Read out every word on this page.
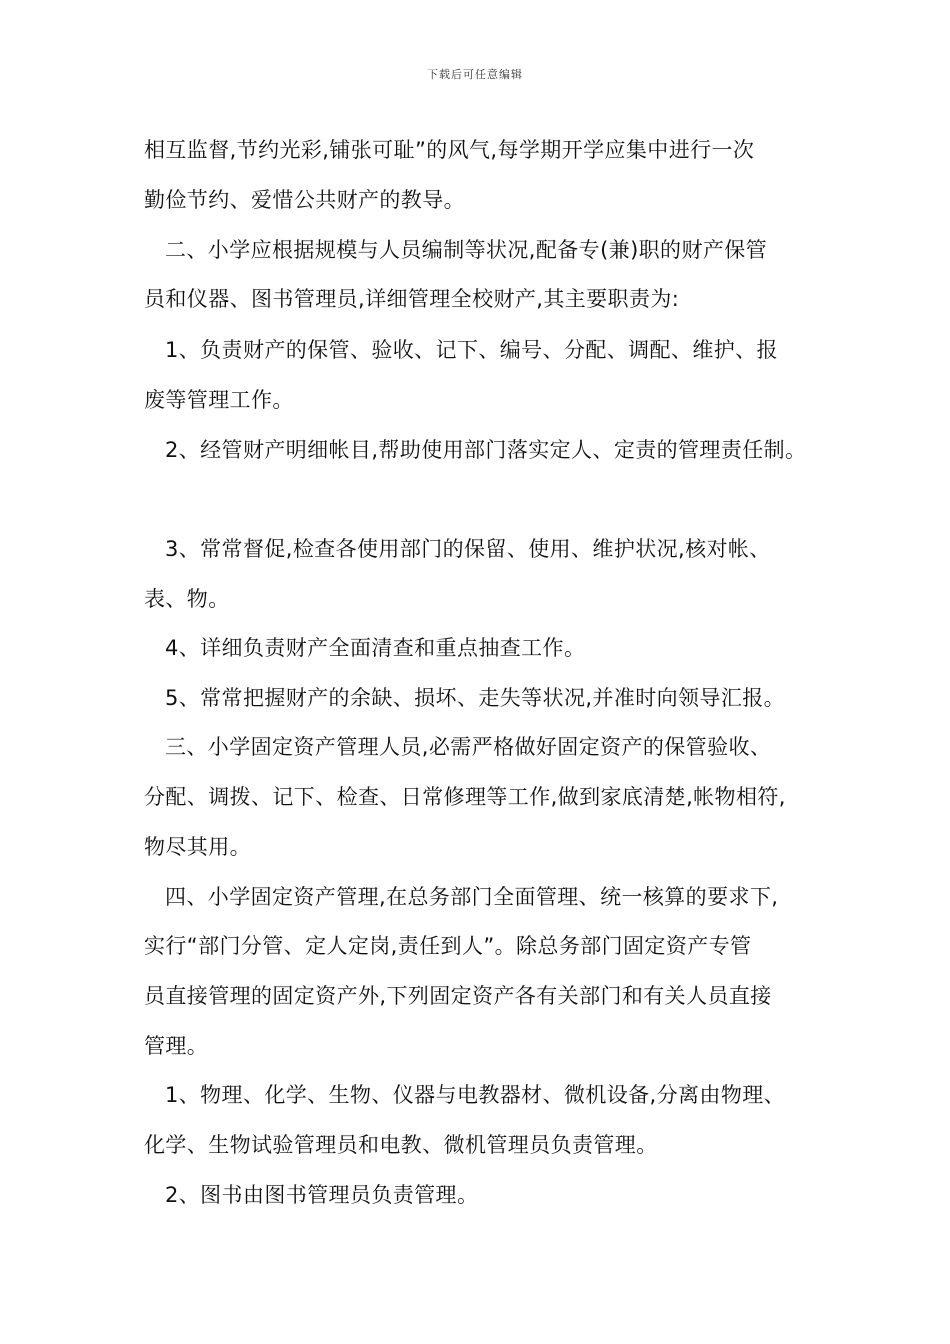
下载后可任意编辑
相互监督,节约光彩,铺张可耻”的风气,每学期开学应集中进行一次
勤俭节约、爱惜公共财产的教导。
二、小学应根据规模与人员编制等状况,配备专(兼)职的财产保管
员和仪器、图书管理员,详细管理全校财产,其主要职责为:
1、负责财产的保管、验收、记下、编号、分配、调配、维护、报
废等管理工作。
2、经管财产明细帐目,帮助使用部门落实定人、定责的管理责任制。
3、常常督促,检查各使用部门的保留、使用、维护状况,核对帐、
表、物。
4、详细负责财产全面清查和重点抽查工作。
5、常常把握财产的余缺、损坏、走失等状况,并准时向领导汇报。
三、小学固定资产管理人员,必需严格做好固定资产的保管验收、
分配、调拨、记下、检查、日常修理等工作,做到家底清楚,帐物相符,
物尽其用。
四、小学固定资产管理,在总务部门全面管理、统一核算的要求下,
实行“部门分管、定人定岗,责任到人”。除总务部门固定资产专管
员直接管理的固定资产外,下列固定资产各有关部门和有关人员直接
管理。
1、物理、化学、生物、仪器与电教器材、微机设备,分离由物理、
化学、生物试验管理员和电教、微机管理员负责管理。
2、图书由图书管理员负责管理。
